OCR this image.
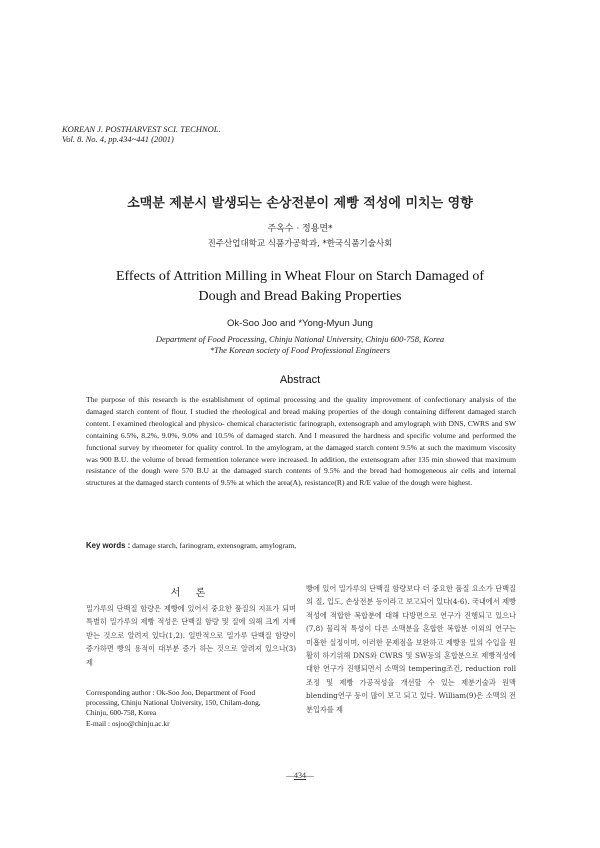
KOREAN J. POSTHARVEST SCI. TECHNOL.
Vol. 8. No. 4, pp.434~441 (2001)
소맥분 제분시 발생되는 손상전분이 제빵 적성에 미치는 영향
주옥수 · 정용면*
진주산업대학교 식품가공학과, *한국식품기술사회
Effects of Attrition Milling in Wheat Flour on Starch Damaged of
Dough and Bread Baking Properties
Ok-Soo Joo and *Yong-Myun Jung
Department of Food Processing, Chinju National University, Chinju 600-758, Korea
*The Korean society of Food Professional Engineers
Abstract
The purpose of this research is the establishment of optimal processing and the quality improvement of confectionary analysis of the damaged starch content of flour. I studied the rheological and bread making properties of the dough containing different damaged starch content. I examined rheological and physico- chemical characteristic farinograph, extensograph and amylograph with DNS, CWRS and SW containing 6.5%, 8.2%, 9.0%, 9.0% and 10.5% of damaged starch. And I measured the hardness and specific volume and performed the functional survey by rheometer for quality control. In the amylogram, at the damaged starch content 9.5% at such the maximum viscosity was 900 B.U. the volume of bread fermention tolerance were increased. In addition, the extensogram after 135 min showed that maximum resistance of the dough were 570 B.U at the damaged starch contents of 9.5% and the bread had homogeneous air cells and internal structures at the damaged starch contents of 9.5% at which the area(A), resistance(R) and R/E value of the dough were highest.
Key words : damage starch, farinogram, extensogram, amylogram,
서 론
밀가루의 단백질 함량은 제빵에 있어서 중요한 품질의 지표가 되며 특별히 밀가루의 제빵 적성은 단백질 함량 및 질에 의해 크게 지배받는 것으로 알려져 있다(1,2). 일반적으로 밀가루 단백질 함량이 증가하면 빵의 용적이 대부분 증가 하는 것으로 알려져 있으나(3) 제
빵에 있어 밀가루의 단백질 함량보다 더 중요한 품질 요소가 단백질의 질, 입도, 손상전분 등이라고 보고되어 있다(4-6). 국내에서 제빵적성에 적합한 복합분에 대해 다방면으로 연구가 진행되고 있으나(7,8) 물리적 특성이 다른 소맥분을 혼합한 복합분 이외의 연구는 미흡한 실정이며, 이러한 문제점을 보완하고 제빵용 밀의 수입을 원활히 하기위해 DNS와 CWRS 및 SW등의 혼합분으로 제빵적성에 대한 연구가 진행되면서 소맥의 tempering조건, reduction roll 조정 및 제빵 가공적성을 개선할 수 있는 제분기술과 원맥 blending연구 등이 많이 보고 되고 있다. William(9)은 소맥의 전분입자를 제
Corresponding author : Ok-Soo Joo, Department of Food
processing, Chinju National University, 150, Chilam-dong,
Chinju, 600-758, Korea
E-mail : osjoo@chinju.ac.kr
—434—
